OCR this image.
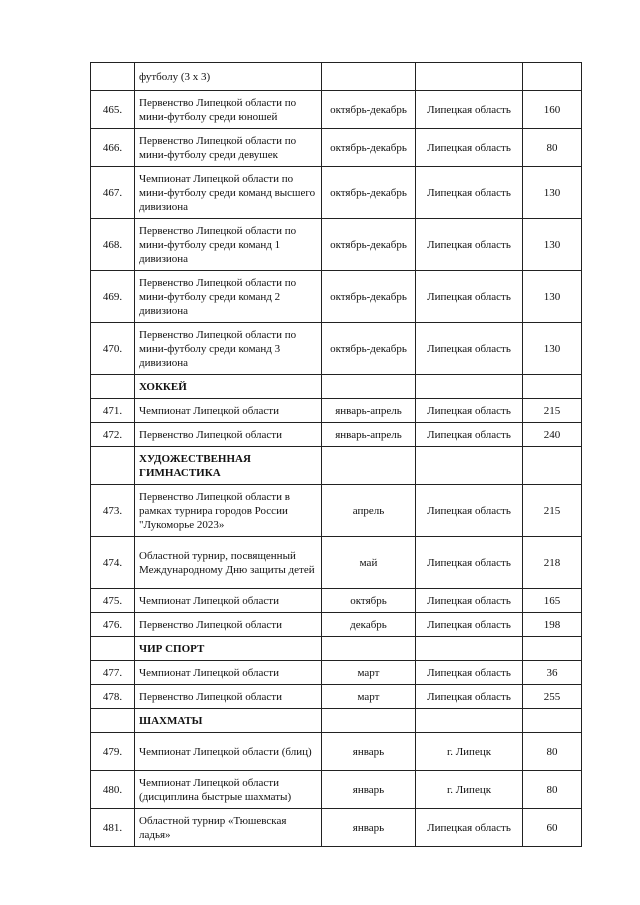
	футболу (3 х 3)			
465.	Первенство Липецкой области по мини-футболу среди юношей	октябрь-декабрь	Липецкая область	160
466.	Первенство Липецкой области по мини-футболу среди девушек	октябрь-декабрь	Липецкая область	80
467.	Чемпионат Липецкой области по мини-футболу среди команд высшего дивизиона	октябрь-декабрь	Липецкая область	130
468.	Первенство Липецкой области по мини-футболу среди команд 1 дивизиона	октябрь-декабрь	Липецкая область	130
469.	Первенство Липецкой области по мини-футболу среди команд 2 дивизиона	октябрь-декабрь	Липецкая область	130
470.	Первенство Липецкой области по мини-футболу среди команд 3 дивизиона	октябрь-декабрь	Липецкая область	130
	ХОККЕЙ			
471.	Чемпионат Липецкой области	январь-апрель	Липецкая область	215
472.	Первенство Липецкой области	январь-апрель	Липецкая область	240
	ХУДОЖЕСТВЕННАЯ ГИМНАСТИКА			
473.	Первенство Липецкой области в рамках турнира городов России "Лукоморье 2023»	апрель	Липецкая область	215
474.	Областной турнир, посвященный Международному Дню защиты детей	май	Липецкая область	218
475.	Чемпионат Липецкой области	октябрь	Липецкая область	165
476.	Первенство Липецкой области	декабрь	Липецкая область	198
	ЧИР СПОРТ			
477.	Чемпионат Липецкой области	март	Липецкая область	36
478.	Первенство Липецкой области	март	Липецкая область	255
	ШАХМАТЫ			
479.	Чемпионат Липецкой области (блиц)	январь	г. Липецк	80
480.	Чемпионат Липецкой области (дисциплина быстрые шахматы)	январь	г. Липецк	80
481.	Областной турнир «Тюшевская ладья»	январь	Липецкая область	60
